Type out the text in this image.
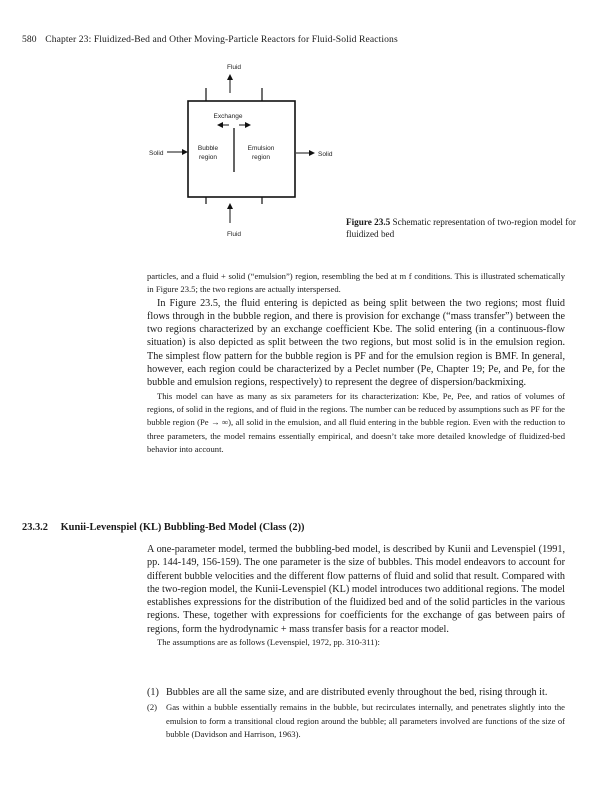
580 Chapter 23: Fluidized-Bed and Other Moving-Particle Reactors for Fluid-Solid Reactions
Fluid
Fluid
Solid	Solid
Exchange
Bubble
region
Emulsion
region
Figure 23.5 Schematic representation of two-region model for fluidized bed

particles, and a fluid + solid (“emulsion”) region, resembling the bed at m f conditions. This is illustrated schematically in Figure 23.5; the two regions are actually interspersed.

In Figure 23.5, the fluid entering is depicted as being split between the two regions; most fluid flows through in the bubble region, and there is provision for exchange (“mass transfer”) between the two regions characterized by an exchange coefficient Kbe. The solid entering (in a continuous-flow situation) is also depicted as split between the two regions, but most solid is in the emulsion region. The simplest flow pattern for the bubble region is PF and for the emulsion region is BMF. In general, however, each region could be characterized by a Peclet number (Pe, Chapter 19; Pe, and Pe, for the bubble and emulsion regions, respectively) to represent the degree of dispersion/backmixing.

This model can have as many as six parameters for its characterization: Kbe, Pe, Pee, and ratios of volumes of regions, of solid in the regions, and of fluid in the regions. The number can be reduced by assumptions such as PF for the bubble region (Pe → ∞), all solid in the emulsion, and all fluid entering in the bubble region. Even with the reduction to three parameters, the model remains essentially empirical, and doesn’t take more detailed knowledge of fluidized-bed behavior into account.

23.3.2 Kunii-Levenspiel (KL) Bubbling-Bed Model (Class (2))

A one-parameter model, termed the bubbling-bed model, is described by Kunii and Levenspiel (1991, pp. 144-149, 156-159). The one parameter is the size of bubbles. This model endeavors to account for different bubble velocities and the different flow patterns of fluid and solid that result. Compared with the two-region model, the Kunii-Levenspiel (KL) model introduces two additional regions. The model establishes expressions for the distribution of the fluidized bed and of the solid particles in the various regions. These, together with expressions for coefficients for the exchange of gas between pairs of regions, form the hydrodynamic + mass transfer basis for a reactor model.

The assumptions are as follows (Levenspiel, 1972, pp. 310-311):

(1) Bubbles are all the same size, and are distributed evenly throughout the bed, rising through it.
(2) Gas within a bubble essentially remains in the bubble, but recirculates internally, and penetrates slightly into the emulsion to form a transitional cloud region around the bubble; all parameters involved are functions of the size of bubble (Davidson and Harrison, 1963).
